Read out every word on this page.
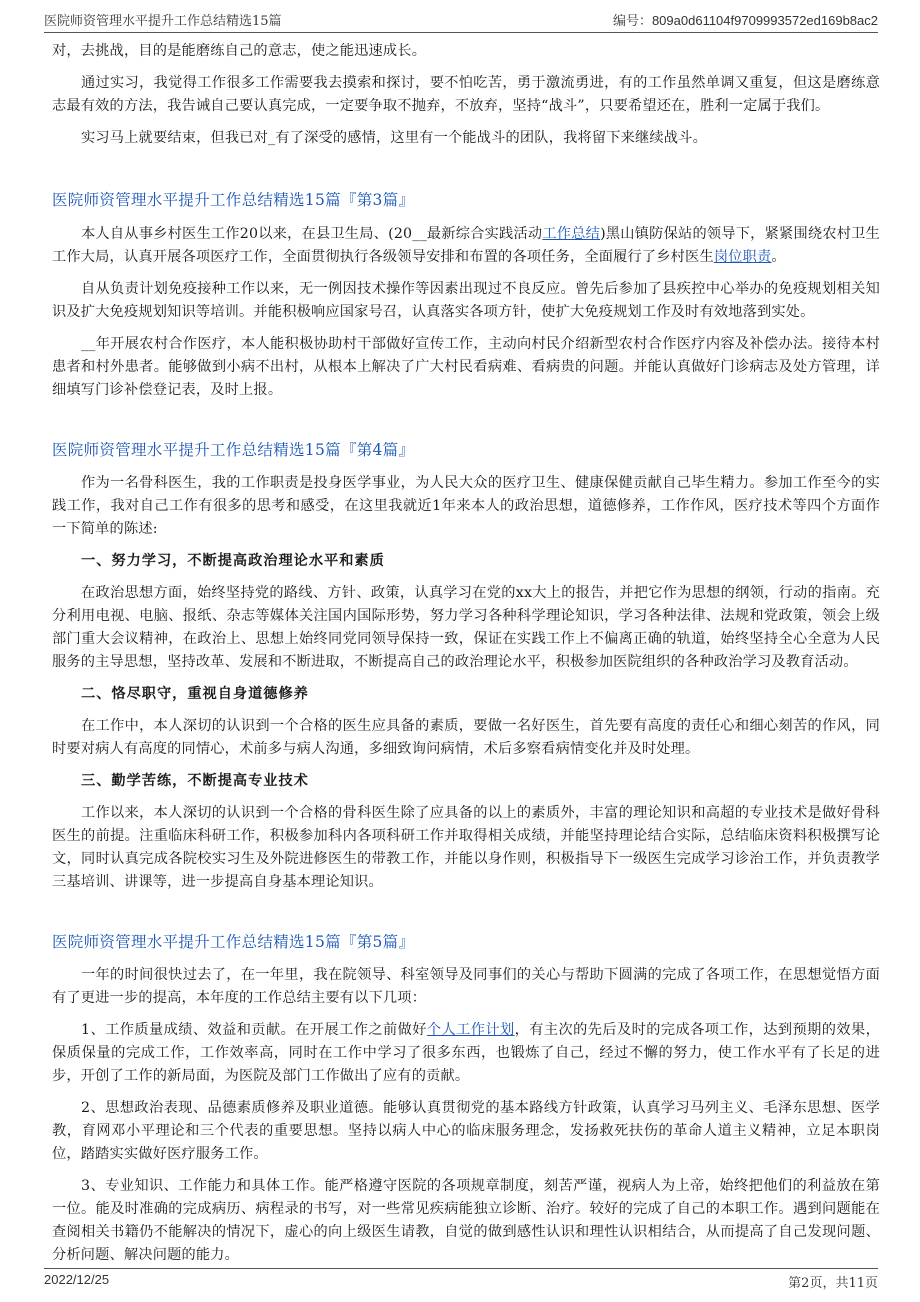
医院师资管理水平提升工作总结精选15篇	编号：809a0d61104f9709993572ed169b8ac2

对，去挑战，目的是能磨练自己的意志，使之能迅速成长。

通过实习，我觉得工作很多工作需要我去摸索和探讨，要不怕吃苦，勇于激流勇进，有的工作虽然单调又重复，但这是磨练意志最有效的方法，我告诫自己要认真完成，一定要争取不抛弃，不放弃，坚持“战斗”，只要希望还在，胜利一定属于我们。

实习马上就要结束，但我已对_有了深受的感情，这里有一个能战斗的团队，我将留下来继续战斗。

医院师资管理水平提升工作总结精选15篇『第3篇』

本人自从事乡村医生工作20以来，在县卫生局、(20__最新综合实践活动工作总结)黑山镇防保站的领导下，紧紧围绕农村卫生工作大局，认真开展各项医疗工作，全面贯彻执行各级领导安排和布置的各项任务，全面履行了乡村医生岗位职责。

自从负责计划免疫接种工作以来，无一例因技术操作等因素出现过不良反应。曾先后参加了县疾控中心举办的免疫规划相关知识及扩大免疫规划知识等培训。并能积极响应国家号召，认真落实各项方针，使扩大免疫规划工作及时有效地落到实处。

__年开展农村合作医疗，本人能积极协助村干部做好宣传工作，主动向村民介绍新型农村合作医疗内容及补偿办法。接待本村患者和村外患者。能够做到小病不出村，从根本上解决了广大村民看病难、看病贵的问题。并能认真做好门诊病志及处方管理，详细填写门诊补偿登记表，及时上报。

医院师资管理水平提升工作总结精选15篇『第4篇』

作为一名骨科医生，我的工作职责是投身医学事业，为人民大众的医疗卫生、健康保健贡献自己毕生精力。参加工作至今的实践工作，我对自己工作有很多的思考和感受，在这里我就近1年来本人的政治思想，道德修养，工作作风，医疗技术等四个方面作一下简单的陈述:

一、努力学习，不断提高政治理论水平和素质

在政治思想方面，始终坚持党的路线、方针、政策，认真学习在党的xx大上的报告，并把它作为思想的纲领，行动的指南。充分利用电视、电脑、报纸、杂志等媒体关注国内国际形势，努力学习各种科学理论知识，学习各种法律、法规和党政策，领会上级部门重大会议精神，在政治上、思想上始终同党同领导保持一致，保证在实践工作上不偏离正确的轨道，始终坚持全心全意为人民服务的主导思想，坚持改革、发展和不断进取，不断提高自己的政治理论水平，积极参加医院组织的各种政治学习及教育活动。

二、恪尽职守，重视自身道德修养

在工作中，本人深切的认识到一个合格的医生应具备的素质，要做一名好医生，首先要有高度的责任心和细心刻苦的作风，同时要对病人有高度的同情心，术前多与病人沟通，多细致询问病情，术后多察看病情变化并及时处理。

三、勤学苦练，不断提高专业技术

工作以来，本人深切的认识到一个合格的骨科医生除了应具备的以上的素质外，丰富的理论知识和高超的专业技术是做好骨科医生的前提。注重临床科研工作，积极参加科内各项科研工作并取得相关成绩，并能坚持理论结合实际，总结临床资料积极撰写论文，同时认真完成各院校实习生及外院进修医生的带教工作，并能以身作则，积极指导下一级医生完成学习诊治工作，并负责教学三基培训、讲课等，进一步提高自身基本理论知识。

医院师资管理水平提升工作总结精选15篇『第5篇』

一年的时间很快过去了，在一年里，我在院领导、科室领导及同事们的关心与帮助下圆满的完成了各项工作，在思想觉悟方面有了更进一步的提高，本年度的工作总结主要有以下几项：

1、工作质量成绩、效益和贡献。在开展工作之前做好个人工作计划，有主次的先后及时的完成各项工作，达到预期的效果，保质保量的完成工作，工作效率高，同时在工作中学习了很多东西，也锻炼了自己，经过不懈的努力，使工作水平有了长足的进步，开创了工作的新局面，为医院及部门工作做出了应有的贡献。

2、思想政治表现、品德素质修养及职业道德。能够认真贯彻党的基本路线方针政策，认真学习马列主义、毛泽东思想、医学教，育网邓小平理论和三个代表的重要思想。坚持以病人中心的临床服务理念，发扬救死扶伤的革命人道主义精神，立足本职岗位，踏踏实实做好医疗服务工作。

3、专业知识、工作能力和具体工作。能严格遵守医院的各项规章制度，刻苦严谨，视病人为上帝，始终把他们的利益放在第一位。能及时准确的完成病历、病程录的书写，对一些常见疾病能独立诊断、治疗。较好的完成了自己的本职工作。遇到问题能在查阅相关书籍仍不能解决的情况下，虚心的向上级医生请教，自觉的做到感性认识和理性认识相结合，从而提高了自己发现问题、分析问题、解决问题的能力。

2022/12/25	第2页，共11页
